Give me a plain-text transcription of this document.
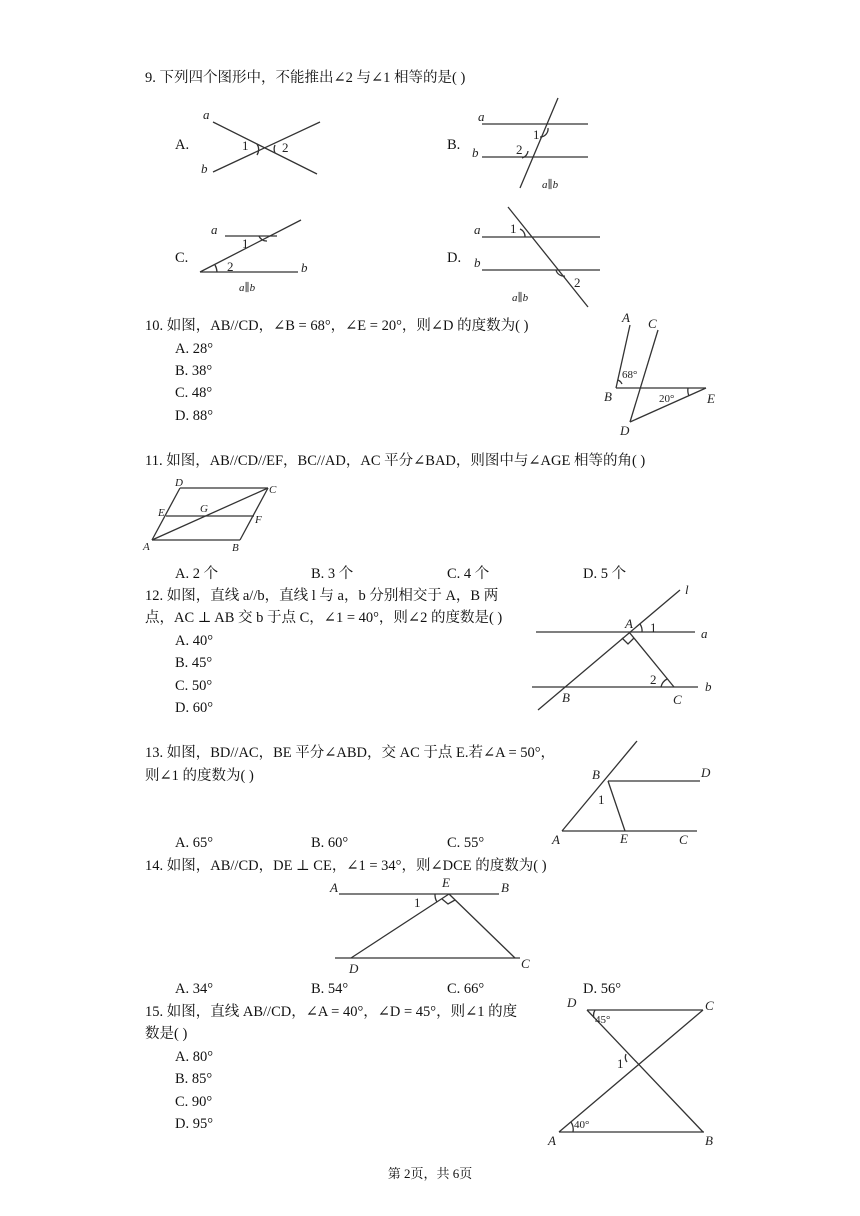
9. 下列四个图形中，不能推出∠2 与∠1 相等的是( )
A.	B.
C.	D.
a
b
1	2
a
b
1
2
a∥b
a
1
2	b
a∥b
a
b
1
2
a∥b
10. 如图，AB//CD，∠B = 68°，∠E = 20°，则∠D 的度数为( )
A. 28°
B. 38°
C. 48°
D. 88°
A C
B
D
E
68°
20°
11. 如图，AB//CD//EF，BC//AD，AC 平分∠BAD，则图中与∠AGE 相等的角( )
D
C
E	G
F
A	B
A. 2 个	B. 3 个	C. 4 个	D. 5 个
12. 如图，直线 a//b，直线 l 与 a，b 分别相交于 A，B 两
点，AC ⊥ AB 交 b 于点 C，∠1 = 40°，则∠2 的度数是( )
A. 40°
B. 45°
C. 50°
D. 60°
l
A 1	a
2	b
B	C
13. 如图，BD//AC，BE 平分∠ABD，交 AC 于点 E.若∠A = 50°，
则∠1 的度数为( )	B	D
1
A	E	C
A. 65°	B. 60°	C. 55°
14. 如图，AB//CD，DE ⊥ CE，∠1 = 34°，则∠DCE 的度数为( )
A	E	B
1
D	C
A. 34°	B. 54°	C. 66°	D. 56°
15. 如图，直线 AB//CD，∠A = 40°，∠D = 45°，则∠1 的度
数是( )
A. 80°
B. 85°
C. 90°
D. 95°
D
45°
C
1
40°
A	B
第 2页，共 6页
